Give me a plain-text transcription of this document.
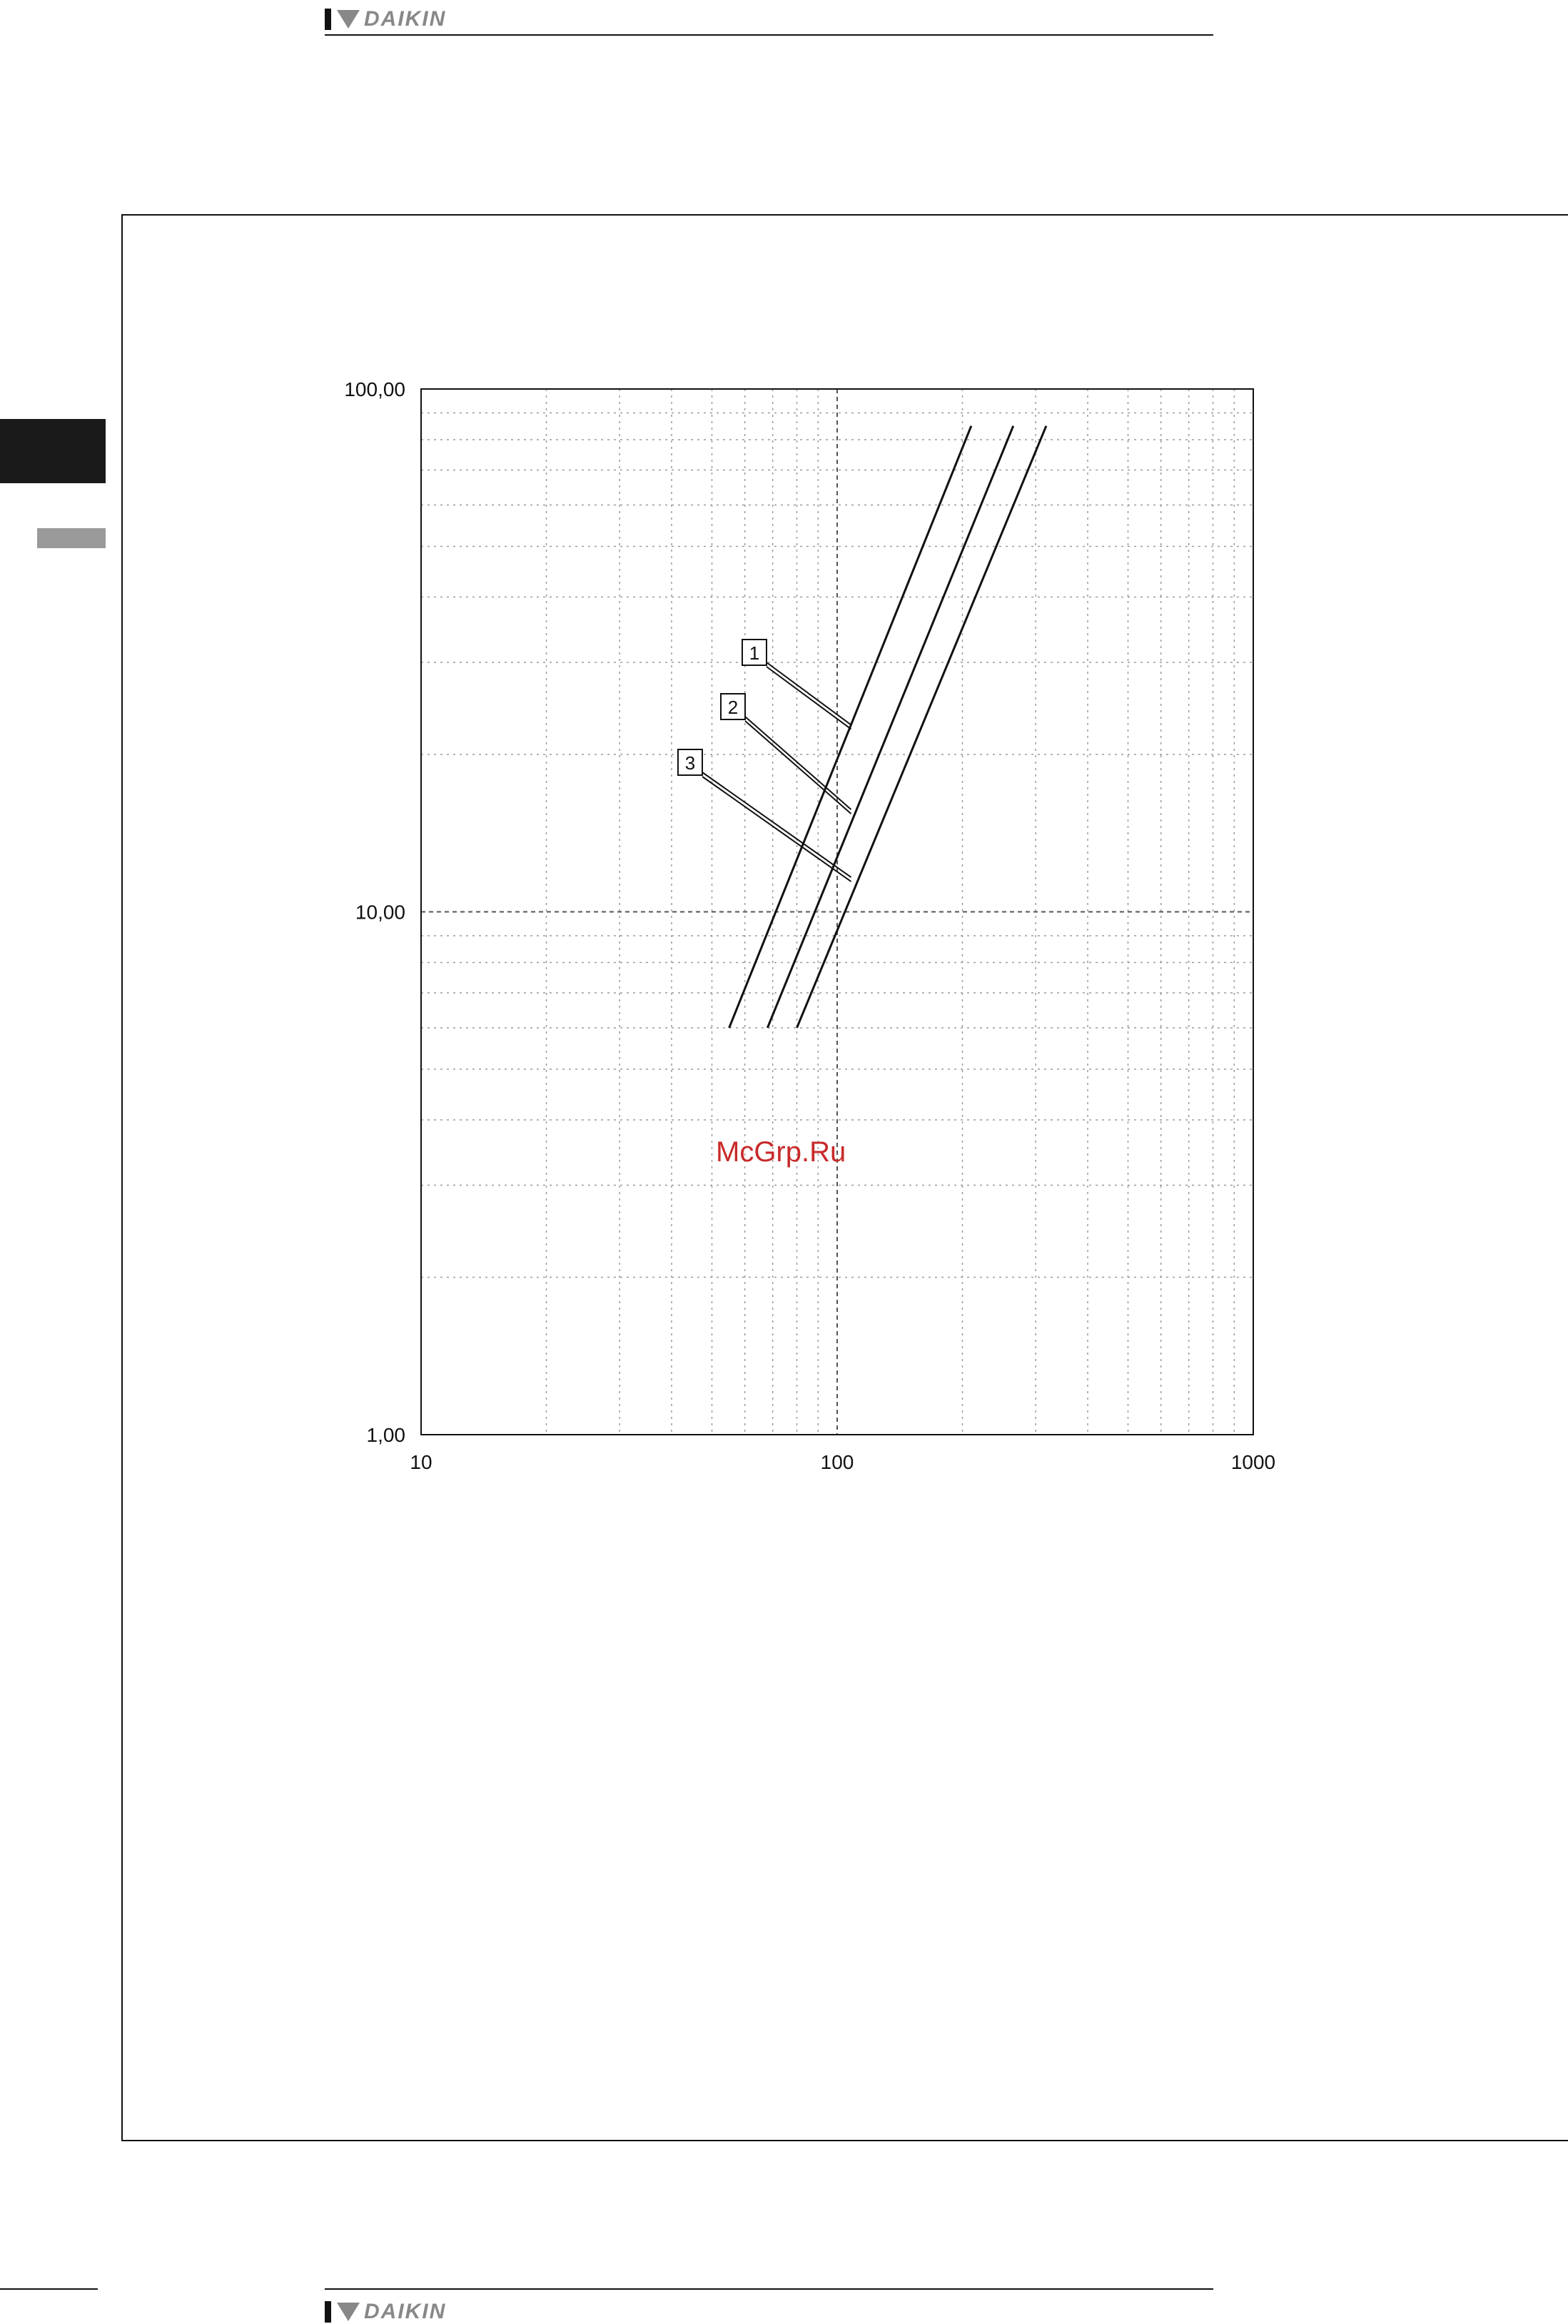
DAIKIN
10	100	1000
1,00
10,00
100,00
1
2
3
McGrp.Ru
DAIKIN
